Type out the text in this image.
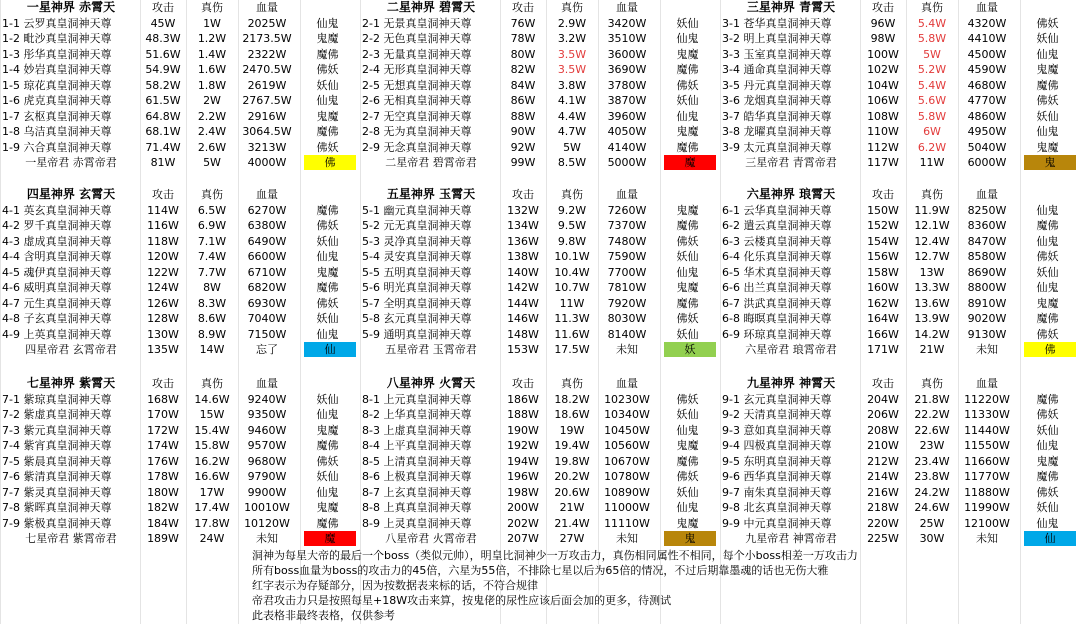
一星神界 赤霄天	攻击	真伤	血量
1-1 云罗真皇洞神天尊	45W	1W	2025W	仙鬼
1-2 毗沙真皇洞神天尊	48.3W	1.2W	2173.5W	鬼魔
1-3 彤华真皇洞神天尊	51.6W	1.4W	2322W	魔佛
1-4 妙岩真皇洞神天尊	54.9W	1.6W	2470.5W	佛妖
1-5 琼花真皇洞神天尊	58.2W	1.8W	2619W	妖仙
1-6 虎克真皇洞神天尊	61.5W	2W	2767.5W	仙鬼
1-7 玄枢真皇洞神天尊	64.8W	2.2W	2916W	鬼魔
1-8 乌洁真皇洞神天尊	68.1W	2.4W	3064.5W	魔佛
1-9 六合真皇洞神天尊	71.4W	2.6W	3213W	佛妖
一星帝君 赤霄帝君	81W	5W	4000W	佛
二星神界 碧霄天	攻击	真伤	血量
2-1 无景真皇洞神天尊	76W	2.9W	3420W	妖仙
2-2 无色真皇洞神天尊	78W	3.2W	3510W	仙鬼
2-3 无量真皇洞神天尊	80W	3.5W	3600W	鬼魔
2-4 无形真皇洞神天尊	82W	3.5W	3690W	魔佛
2-5 无想真皇洞神天尊	84W	3.8W	3780W	佛妖
2-6 无相真皇洞神天尊	86W	4.1W	3870W	妖仙
2-7 无空真皇洞神天尊	88W	4.4W	3960W	仙鬼
2-8 无为真皇洞神天尊	90W	4.7W	4050W	鬼魔
2-9 无念真皇洞神天尊	92W	5W	4140W	魔佛
二星帝君 碧霄帝君	99W	8.5W	5000W	魔
三星神界 青霄天	攻击	真伤	血量
3-1 苍华真皇洞神天尊	96W	5.4W	4320W	佛妖
3-2 明上真皇洞神天尊	98W	5.8W	4410W	妖仙
3-3 玉室真皇洞神天尊	100W	5W	4500W	仙鬼
3-4 通命真皇洞神天尊	102W	5.2W	4590W	鬼魔
3-5 丹元真皇洞神天尊	104W	5.4W	4680W	魔佛
3-6 龙烟真皇洞神天尊	106W	5.6W	4770W	佛妖
3-7 皓华真皇洞神天尊	108W	5.8W	4860W	妖仙
3-8 龙曜真皇洞神天尊	110W	6W	4950W	仙鬼
3-9 太元真皇洞神天尊	112W	6.2W	5040W	鬼魔
三星帝君 青霄帝君	117W	11W	6000W	鬼
四星神界 玄霄天	攻击	真伤	血量
4-1 英玄真皇洞神天尊	114W	6.5W	6270W	魔佛
4-2 罗千真皇洞神天尊	116W	6.9W	6380W	佛妖
4-3 虚成真皇洞神天尊	118W	7.1W	6490W	妖仙
4-4 含明真皇洞神天尊	120W	7.4W	6600W	仙鬼
4-5 魂伊真皇洞神天尊	122W	7.7W	6710W	鬼魔
4-6 威明真皇洞神天尊	124W	8W	6820W	魔佛
4-7 元生真皇洞神天尊	126W	8.3W	6930W	佛妖
4-8 子玄真皇洞神天尊	128W	8.6W	7040W	妖仙
4-9 上英真皇洞神天尊	130W	8.9W	7150W	仙鬼
四星帝君 玄霄帝君	135W	14W	忘了	仙
五星神界 玉霄天	攻击	真伤	血量
5-1 幽元真皇洞神天尊	132W	9.2W	7260W	鬼魔
5-2 元无真皇洞神天尊	134W	9.5W	7370W	魔佛
5-3 灵净真皇洞神天尊	136W	9.8W	7480W	佛妖
5-4 灵安真皇洞神天尊	138W	10.1W	7590W	妖仙
5-5 五明真皇洞神天尊	140W	10.4W	7700W	仙鬼
5-6 明光真皇洞神天尊	142W	10.7W	7810W	鬼魔
5-7 全明真皇洞神天尊	144W	11W	7920W	魔佛
5-8 玄元真皇洞神天尊	146W	11.3W	8030W	佛妖
5-9 通明真皇洞神天尊	148W	11.6W	8140W	妖仙
五星帝君 玉霄帝君	153W	17.5W	未知	妖
六星神界 琅霄天	攻击	真伤	血量
6-1 云华真皇洞神天尊	150W	11.9W	8250W	仙鬼
6-2 遣云真皇洞神天尊	152W	12.1W	8360W	魔佛
6-3 云楼真皇洞神天尊	154W	12.4W	8470W	仙鬼
6-4 化乐真皇洞神天尊	156W	12.7W	8580W	佛妖
6-5 华术真皇洞神天尊	158W	13W	8690W	妖仙
6-6 出兰真皇洞神天尊	160W	13.3W	8800W	仙鬼
6-7 洪武真皇洞神天尊	162W	13.6W	8910W	鬼魔
6-8 晦暝真皇洞神天尊	164W	13.9W	9020W	魔佛
6-9 环琼真皇洞神天尊	166W	14.2W	9130W	佛妖
六星帝君 琅霄帝君	171W	21W	未知	佛
七星神界 紫霄天	攻击	真伤	血量
7-1 紫琼真皇洞神天尊	168W	14.6W	9240W	妖仙
7-2 紫虚真皇洞神天尊	170W	15W	9350W	仙鬼
7-3 紫元真皇洞神天尊	172W	15.4W	9460W	鬼魔
7-4 紫宵真皇洞神天尊	174W	15.8W	9570W	魔佛
7-5 紫晨真皇洞神天尊	176W	16.2W	9680W	佛妖
7-6 紫清真皇洞神天尊	178W	16.6W	9790W	妖仙
7-7 紫灵真皇洞神天尊	180W	17W	9900W	仙鬼
7-8 紫晖真皇洞神天尊	182W	17.4W	10010W	鬼魔
7-9 紫极真皇洞神天尊	184W	17.8W	10120W	魔佛
七星帝君 紫霄帝君	189W	24W	未知	魔
八星神界 火霄天	攻击	真伤	血量
8-1 上元真皇洞神天尊	186W	18.2W	10230W	佛妖
8-2 上华真皇洞神天尊	188W	18.6W	10340W	妖仙
8-3 上虚真皇洞神天尊	190W	19W	10450W	仙鬼
8-4 上平真皇洞神天尊	192W	19.4W	10560W	鬼魔
8-5 上清真皇洞神天尊	194W	19.8W	10670W	魔佛
8-6 上极真皇洞神天尊	196W	20.2W	10780W	佛妖
8-7 上玄真皇洞神天尊	198W	20.6W	10890W	妖仙
8-8 上真真皇洞神天尊	200W	21W	11000W	仙鬼
8-9 上灵真皇洞神天尊	202W	21.4W	11110W	鬼魔
八星帝君 火霄帝君	207W	27W	未知	鬼
九星神界 神霄天	攻击	真伤	血量
9-1 玄元真皇洞神天尊	204W	21.8W	11220W	魔佛
9-2 天清真皇洞神天尊	206W	22.2W	11330W	佛妖
9-3 意如真皇洞神天尊	208W	22.6W	11440W	妖仙
9-4 四极真皇洞神天尊	210W	23W	11550W	仙鬼
9-5 东明真皇洞神天尊	212W	23.4W	11660W	鬼魔
9-6 西华真皇洞神天尊	214W	23.8W	11770W	魔佛
9-7 南朱真皇洞神天尊	216W	24.2W	11880W	佛妖
9-8 北玄真皇洞神天尊	218W	24.6W	11990W	妖仙
9-9 中元真皇洞神天尊	220W	25W	12100W	仙鬼
九星帝君 神霄帝君	225W	30W	未知	仙
洞神为每星大帝的最后一个boss（类似元帅），明皇比洞神少一万攻击力，真伤相同属性不相同，每个小boss相差一万攻击力
所有boss血量为boss的攻击力的45倍，六星为55倍，不排除七星以后为65倍的情况，不过后期靠墨魂的话也无伤大雅
红字表示为存疑部分，因为按数据表来标的话，不符合规律
帝君攻击力只是按照每星+18W攻击来算，按鬼佬的尿性应该后面会加的更多，待测试
此表格非最终表格，仅供参考
